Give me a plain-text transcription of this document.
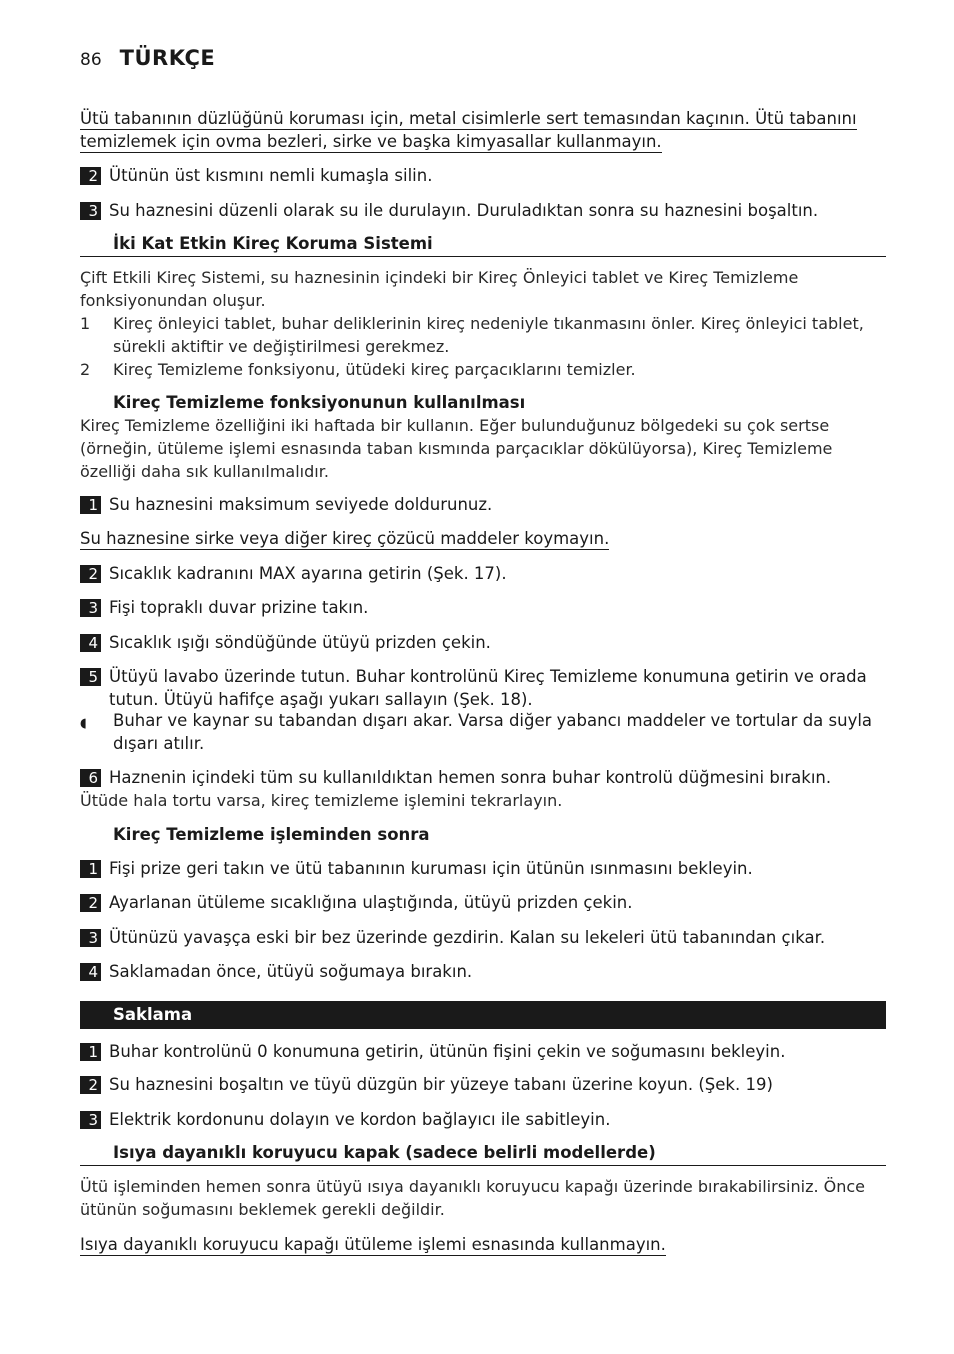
86 TÜRKÇE
Ütü tabanının düzlüğünü koruması için, metal cisimlerle sert temasından kaçının. Ütü tabanını temizlemek için ovma bezleri, sirke ve başka kimyasallar kullanmayın.
2 Ütünün üst kısmını nemli kumaşla silin.
3 Su haznesini düzenli olarak su ile durulayın. Duruladıktan sonra su haznesini boşaltın.
İki Kat Etkin Kireç Koruma Sistemi
Çift Etkili Kireç Sistemi, su haznesinin içindeki bir Kireç Önleyici tablet ve Kireç Temizleme fonksiyonundan oluşur.
1	Kireç önleyici tablet, buhar deliklerinin kireç nedeniyle tıkanmasını önler. Kireç önleyici tablet, sürekli aktiftir ve değiştirilmesi gerekmez.
2	Kireç Temizleme fonksiyonu, ütüdeki kireç parçacıklarını temizler.
Kireç Temizleme fonksiyonunun kullanılması
Kireç Temizleme özelliğini iki haftada bir kullanın. Eğer bulunduğunuz bölgedeki su çok sertse (örneğin, ütüleme işlemi esnasında taban kısmında parçacıklar dökülüyorsa), Kireç Temizleme özelliği daha sık kullanılmalıdır.
1 Su haznesini maksimum seviyede doldurunuz.
Su haznesine sirke veya diğer kireç çözücü maddeler koymayın.
2 Sıcaklık kadranını MAX ayarına getirin (Şek. 17).
3 Fişi topraklı duvar prizine takın.
4 Sıcaklık ışığı söndüğünde ütüyü prizden çekin.
5 Ütüyü lavabo üzerinde tutun. Buhar kontrolünü Kireç Temizleme konumuna getirin ve orada tutun. Ütüyü hafifçe aşağı yukarı sallayın (Şek. 18).
◖	Buhar ve kaynar su tabandan dışarı akar. Varsa diğer yabancı maddeler ve tortular da suyla dışarı atılır.
6 Haznenin içindeki tüm su kullanıldıktan hemen sonra buhar kontrolü düğmesini bırakın.
Ütüde hala tortu varsa, kireç temizleme işlemini tekrarlayın.
Kireç Temizleme işleminden sonra
1 Fişi prize geri takın ve ütü tabanının kuruması için ütünün ısınmasını bekleyin.
2 Ayarlanan ütüleme sıcaklığına ulaştığında, ütüyü prizden çekin.
3 Ütünüzü yavaşça eski bir bez üzerinde gezdirin. Kalan su lekeleri ütü tabanından çıkar.
4 Saklamadan önce, ütüyü soğumaya bırakın.
Saklama
1 Buhar kontrolünü 0 konumuna getirin, ütünün fişini çekin ve soğumasını bekleyin.
2 Su haznesini boşaltın ve tüyü düzgün bir yüzeye tabanı üzerine koyun. (Şek. 19)
3 Elektrik kordonunu dolayın ve kordon bağlayıcı ile sabitleyin.
Isıya dayanıklı koruyucu kapak (sadece belirli modellerde)
Ütü işleminden hemen sonra ütüyü ısıya dayanıklı koruyucu kapağı üzerinde bırakabilirsiniz. Önce ütünün soğumasını beklemek gerekli değildir.
Isıya dayanıklı koruyucu kapağı ütüleme işlemi esnasında kullanmayın.
